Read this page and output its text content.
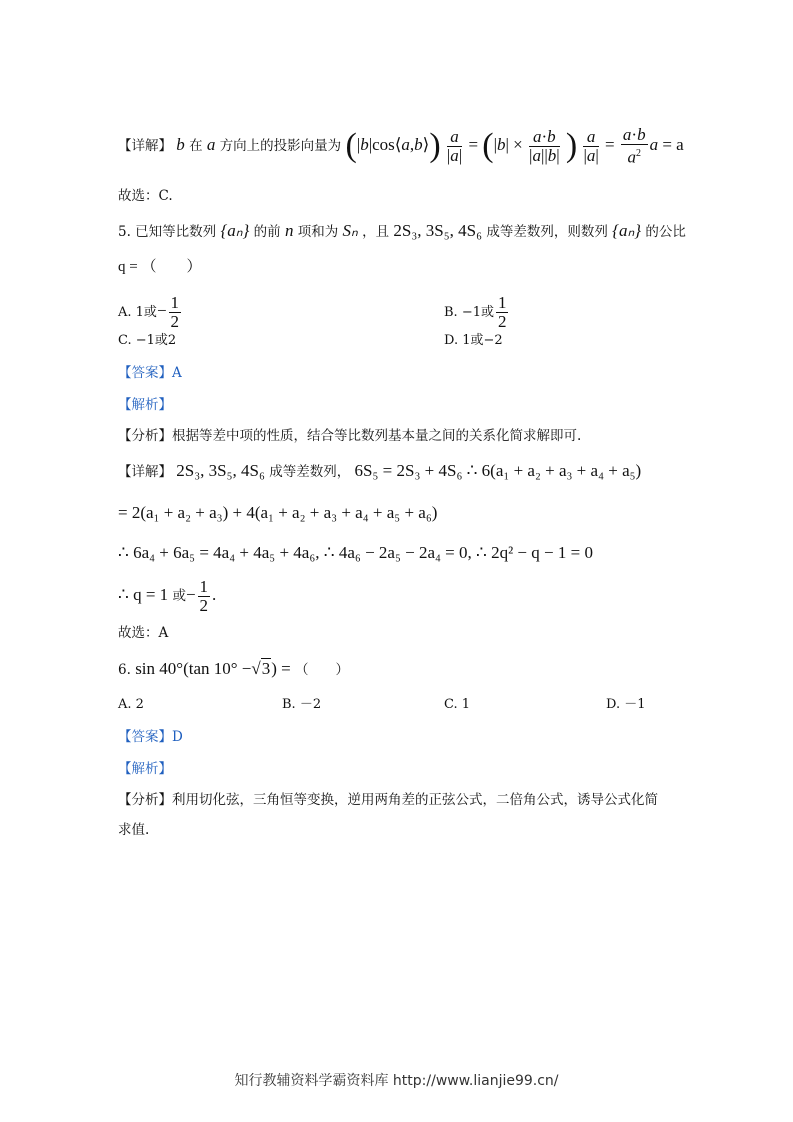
【详解】 b 在 a 方向上的投影向量为 (|b|cos⟨a,b⟩) $\frac{a}{|a|} = (|b| \times \frac{a\cdot b}{|a||b|}$ ) $\frac{a}{|a|} = \frac{a\cdot b}{a^2}$ a = a
故选：C.
5. 已知等比数列 {aₙ} 的前 n 项和为 Sₙ ，且 2S₃, 3S₅, 4S₆ 成等差数列，则数列 {aₙ} 的公比
q = （　　）
A. 1或− $\frac{1}{2}$	B. −1或 $\frac{1}{2}$
C. −1或2	D. 1或−2
【答案】A
【解析】
【分析】根据等差中项的性质，结合等比数列基本量之间的关系化简求解即可.
【详解】 2S₃, 3S₅, 4S₆ 成等差数列， 6S₅ = 2S₃ + 4S₆ ∴ 6(a₁ + a₂ + a₃ + a₄ + a₅)
= 2(a₁ + a₂ + a₃) + 4(a₁ + a₂ + a₃ + a₄ + a₅ + a₆)
∴ 6a₄ + 6a₅ = 4a₄ + 4a₅ + 4a₆, ∴ 4a₆ − 2a₅ − 2a₄ = 0, ∴ 2q² − q − 1 = 0
∴ q = 1 或− $\frac{1}{2}$ .
故选：A
6. sin 40°(tan 10° −√3) = （　　）
A. 2	B. －2	C. 1	D. －1
【答案】D
【解析】
【分析】利用切化弦，三角恒等变换，逆用两角差的正弦公式，二倍角公式，诱导公式化简
求值.
知行教辅资料学霸资料库 http://www.lianjie99.cn/
